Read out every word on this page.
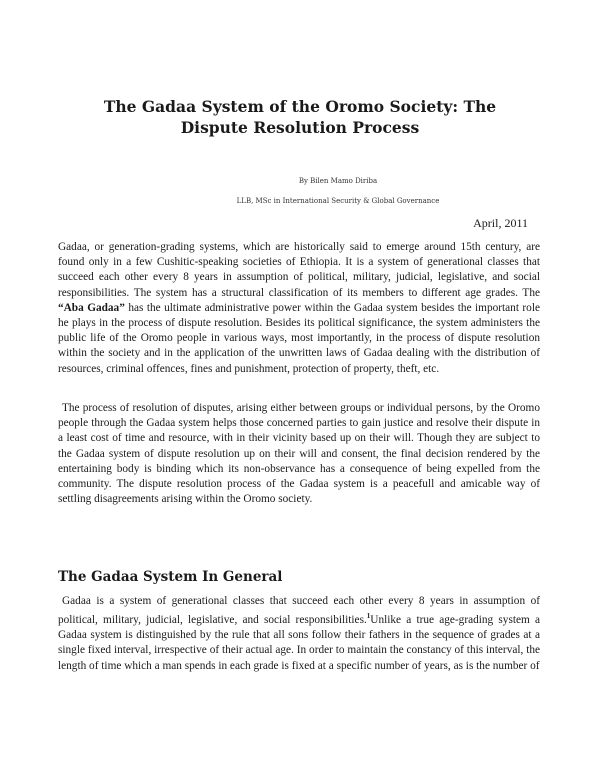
The Gadaa System of the Oromo Society: The Dispute Resolution Process
By Bilen Mamo Diriba
LLB, MSc in International Security & Global Governance
April, 2011

Gadaa, or generation-grading systems, which are historically said to emerge around 15th century, are found only in a few Cushitic-speaking societies of Ethiopia. It is a system of generational classes that succeed each other every 8 years in assumption of political, military, judicial, legislative, and social responsibilities. The system has a structural classification of its members to different age grades. The “Aba Gadaa” has the ultimate administrative power within the Gadaa system besides the important role he plays in the process of dispute resolution. Besides its political significance, the system administers the public life of the Oromo people in various ways, most importantly, in the process of dispute resolution within the society and in the application of the unwritten laws of Gadaa dealing with the distribution of resources, criminal offences, fines and punishment, protection of property, theft, etc.

The process of resolution of disputes, arising either between groups or individual persons, by the Oromo people through the Gadaa system helps those concerned parties to gain justice and resolve their dispute in a least cost of time and resource, with in their vicinity based up on their will. Though they are subject to the Gadaa system of dispute resolution up on their will and consent, the final decision rendered by the entertaining body is binding which its non-observance has a consequence of being expelled from the community. The dispute resolution process of the Gadaa system is a peacefull and amicable way of settling disagreements arising within the Oromo society.

The Gadaa System In General

Gadaa is a system of generational classes that succeed each other every 8 years in assumption of political, military, judicial, legislative, and social responsibilities.$^1$Unlike a true age-grading system a Gadaa system is distinguished by the rule that all sons follow their fathers in the sequence of grades at a single fixed interval, irrespective of their actual age. In order to maintain the constancy of this interval, the length of time which a man spends in each grade is fixed at a specific number of years, as is the number of
